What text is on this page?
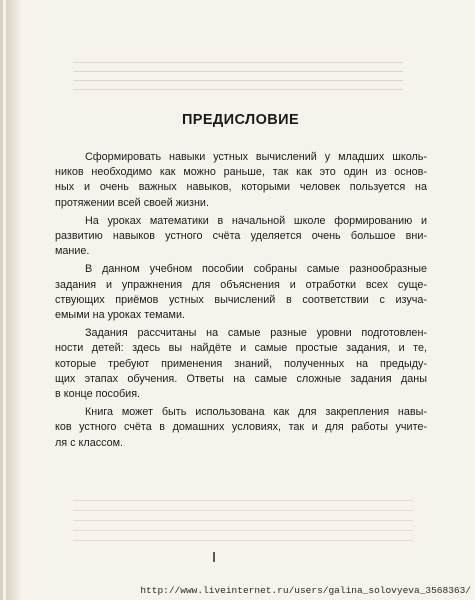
ПРЕДИСЛОВИЕ

Сформировать навыки устных вычислений у младших школь-
ников необходимо как можно раньше, так как это один из основ-
ных и очень важных навыков, которыми человек пользуется на
протяжении всей своей жизни.

На уроках математики в начальной школе формированию и
развитию навыков устного счёта уделяется очень большое вни-
мание.

В данном учебном пособии собраны самые разнообразные
задания и упражнения для объяснения и отработки всех суще-
ствующих приёмов устных вычислений в соответствии с изуча-
емыми на уроках темами.

Задания рассчитаны на самые разные уровни подготовлен-
ности детей: здесь вы найдёте и самые простые задания, и те,
которые требуют применения знаний, полученных на предыду-
щих этапах обучения. Ответы на самые сложные задания даны
в конце пособия.

Книга может быть использована как для закрепления навы-
ков устного счёта в домашних условиях, так и для работы учите-
ля с классом.

http://www.liveinternet.ru/users/galina_solovyeva_3568363/
